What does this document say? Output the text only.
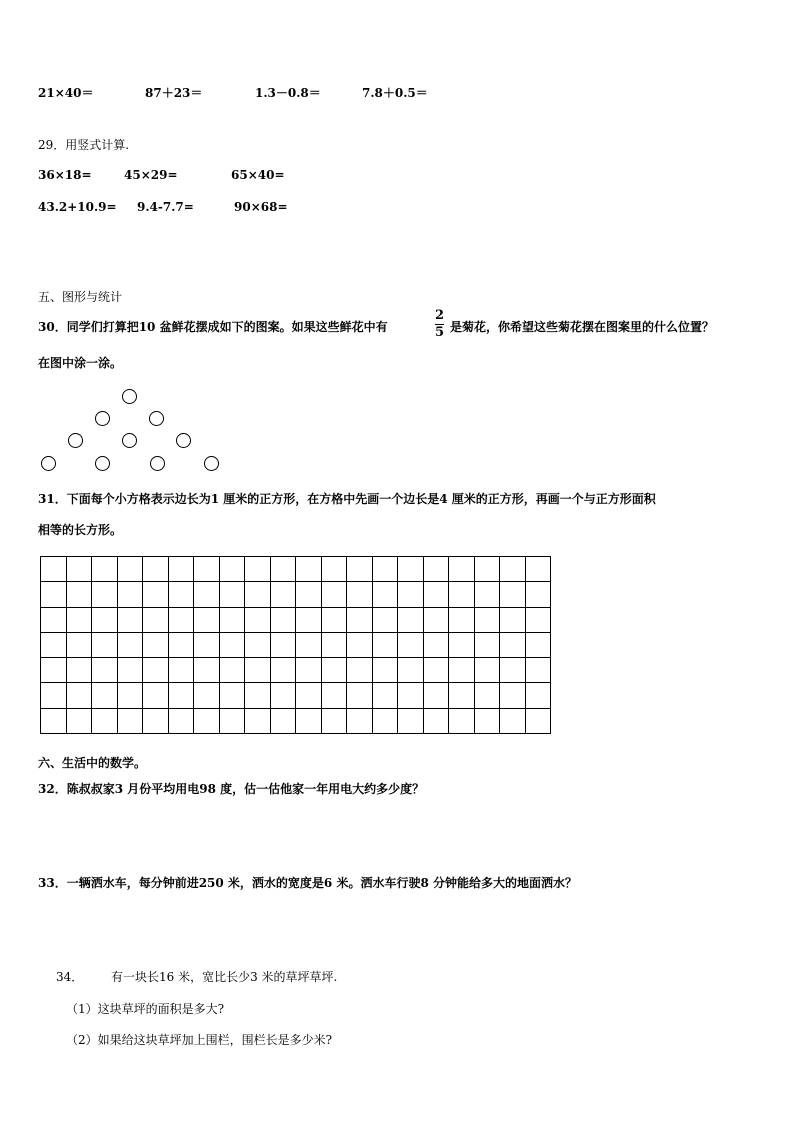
21×40＝	87＋23＝	1.3－0.8＝	7.8＋0.5＝
29．用竖式计算.
36×18=	45×29=	65×40=
43.2+10.9= 9.4-7.7=	90×68=
五、图形与统计
30．同学们打算把10 盆鲜花摆成如下的图案。如果这些鲜花中有
2
5 是菊花，你希望这些菊花摆在图案里的什么位置？
在图中涂一涂。
31．下面每个小方格表示边长为1 厘米的正方形，在方格中先画一个边长是4 厘米的正方形，再画一个与正方形面积
相等的长方形。

六、生活中的数学。
32．陈叔叔家3 月份平均用电98 度，估一估他家一年用电大约多少度？
33．一辆洒水车，每分钟前进250 米，洒水的宽度是6 米。洒水车行驶8 分钟能给多大的地面洒水？
34． 有一块长16 米，宽比长少3 米的草坪草坪.
（1）这块草坪的面积是多大?
（2）如果给这块草坪加上围栏，围栏长是多少米?
